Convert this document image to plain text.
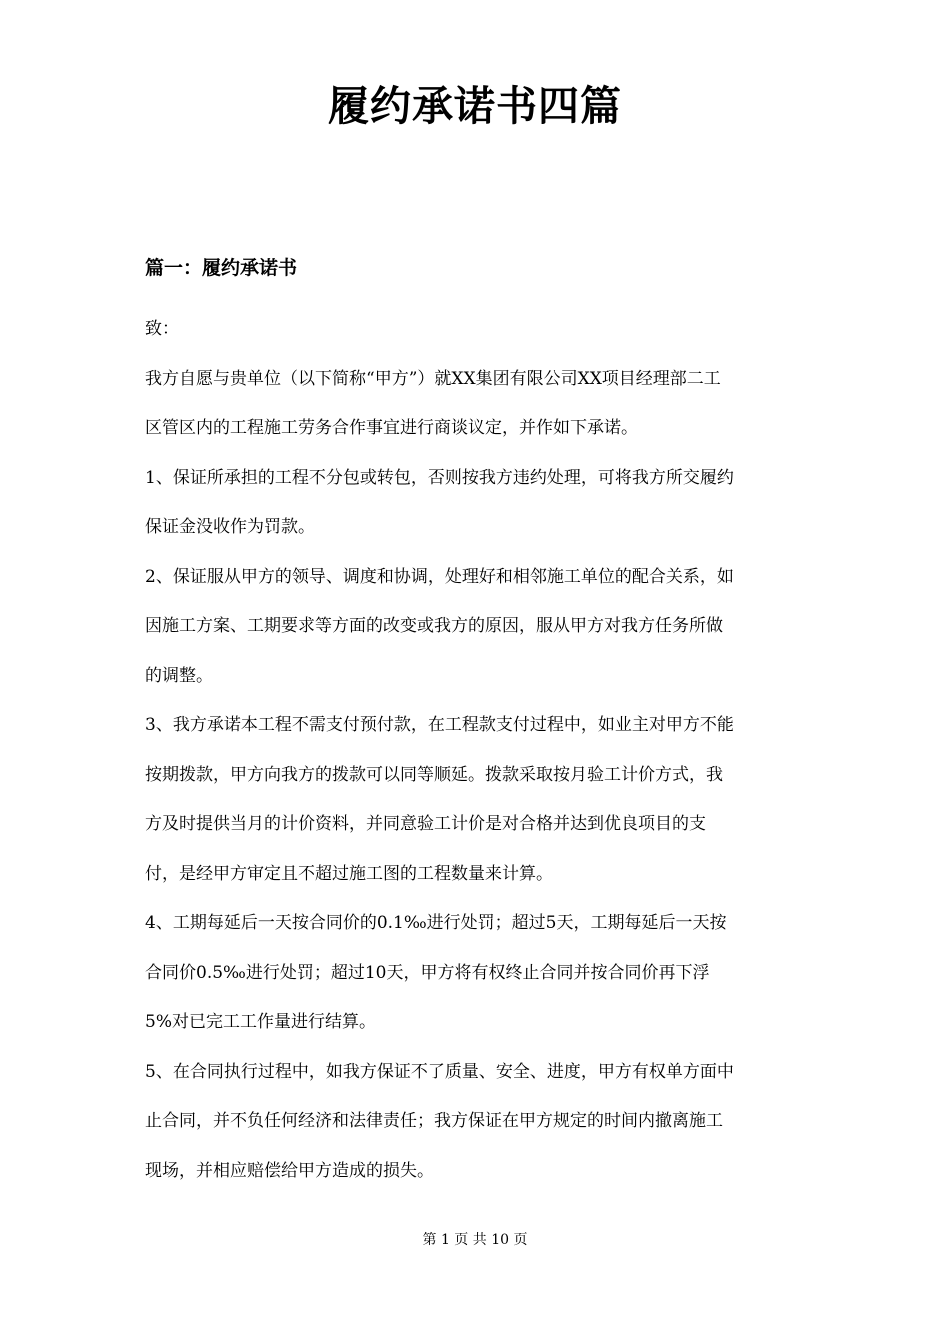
履约承诺书四篇
篇一：履约承诺书
致：
我方自愿与贵单位（以下简称“甲方”）就XX集团有限公司XX项目经理部二工
区管区内的工程施工劳务合作事宜进行商谈议定，并作如下承诺。
1、保证所承担的工程不分包或转包，否则按我方违约处理，可将我方所交履约
保证金没收作为罚款。
2、保证服从甲方的领导、调度和协调，处理好和相邻施工单位的配合关系，如
因施工方案、工期要求等方面的改变或我方的原因，服从甲方对我方任务所做
的调整。
3、我方承诺本工程不需支付预付款，在工程款支付过程中，如业主对甲方不能
按期拨款，甲方向我方的拨款可以同等顺延。拨款采取按月验工计价方式，我
方及时提供当月的计价资料，并同意验工计价是对合格并达到优良项目的支
付，是经甲方审定且不超过施工图的工程数量来计算。
4、工期每延后一天按合同价的0.1‰进行处罚；超过5天，工期每延后一天按
合同价0.5‰进行处罚；超过10天，甲方将有权终止合同并按合同价再下浮
5%对已完工工作量进行结算。
5、在合同执行过程中，如我方保证不了质量、安全、进度，甲方有权单方面中
止合同，并不负任何经济和法律责任；我方保证在甲方规定的时间内撤离施工
现场，并相应赔偿给甲方造成的损失。
第 1 页 共 10 页
